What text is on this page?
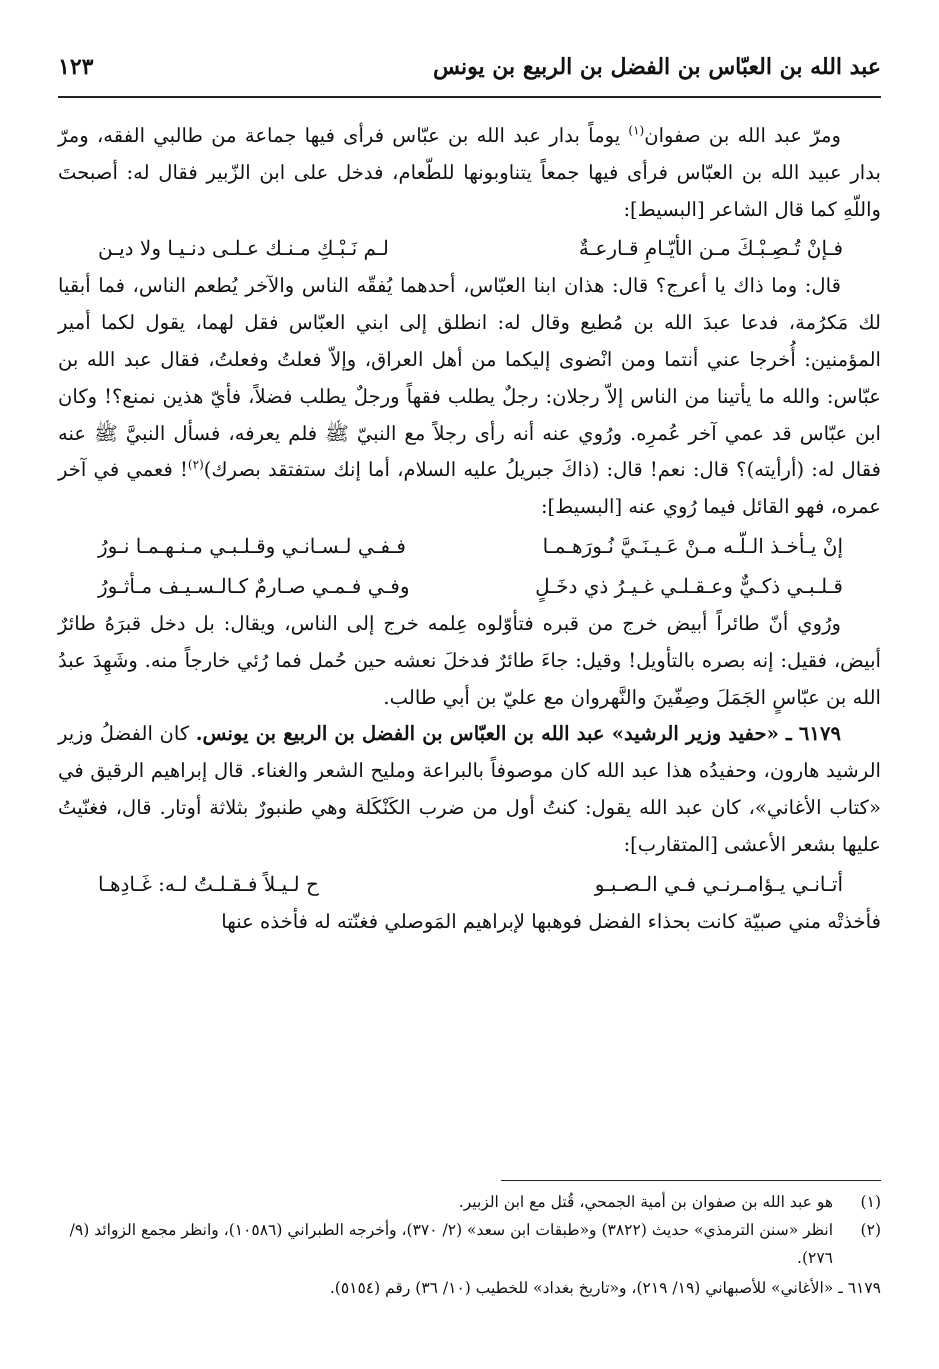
عبد الله بن العبّاس بن الفضل بن الربيع بن يونس
١٢٣

ومرّ عبد الله بن صفوان$^{(١)}$ يوماً بدار عبد الله بن عبّاس فرأى فيها جماعة من طالبي الفقه، ومرّ بدار عبيد الله بن العبّاس فرأى فيها جمعاً يتناوبونها للطّعام، فدخل على ابن الزّبير فقال له: أصبحتَ واللّهِ كما قال الشاعر [البسيط]:

فـإنْ تُـصِـبْـكَ مـن الأيّـامِ قـارعـةٌ
لـم نَـبْـكِ مـنـك عـلـى دنـيـا ولا ديـن

قال: وما ذاك يا أعرج؟ قال: هذان ابنا العبّاس، أحدهما يُفقّه الناس والآخر يُطعم الناس، فما أبقيا لك مَكرُمة، فدعا عبدَ الله بن مُطيع وقال له: انطلق إلى ابني العبّاس فقل لهما، يقول لكما أمير المؤمنين: أُخرجا عني أنتما ومن انْضوى إليكما من أهل العراق، وإلاّ فعلتُ وفعلتُ، فقال عبد الله بن عبّاس: والله ما يأتينا من الناس إلاّ رجلان: رجلٌ يطلب فقهاً ورجلٌ يطلب فضلاً، فأيّ هذين نمنع؟! وكان ابن عبّاس قد عمي آخر عُمرِه. ورُوي عنه أنه رأى رجلاً مع النبيّ ﷺ فلم يعرفه، فسأل النبيَّ ﷺ عنه فقال له: (أرأيته)؟ قال: نعم! قال: (ذاكَ جبريلُ عليه السلام، أما إنك ستفتقد بصرك)$^{(٢)}$! فعمي في آخر عمره، فهو القائل فيما رُوي عنه [البسيط]:

إنْ يـأخـذ الـلّـه مـنْ عَـيـنَـيَّ نُـورَهـمـا
فـفـي لـسـانـي وقـلـبـي مـنـهـمـا نـورُ
قـلـبـي ذكـيٌّ وعـقـلـي غـيـرُ ذي دخَـلٍ
وفـي فـمـي صـارمٌ كـالـسـيـف مـأثـورُ

ورُوي أنّ طائراً أبيض خرج من قبره فتأوّلوه عِلمه خرج إلى الناس، ويقال: بل دخل قبرَهُ طائرٌ أبيض، فقيل: إنه بصره بالتأويل! وقيل: جاءَ طائرٌ فدخلَ نعشه حين حُمل فما رُئي خارجاً منه. وشَهِدَ عبدُ الله بن عبّاسٍ الجَمَلَ وصِفّينَ والنَّهروان مع عليّ بن أبي طالب.

٦١٧٩ ـ «حفيد وزير الرشيد» عبد الله بن العبّاس بن الفضل بن الربيع بن يونس. كان الفضلُ وزير الرشيد هارون، وحفيدُه هذا عبد الله كان موصوفاً بالبراعة ومليح الشعر والغناء. قال إبراهيم الرقيق في «كتاب الأغاني»، كان عبد الله يقول: كنتُ أول من ضرب الكَنْكَلة وهي طنبورٌ بثلاثة أوتار. قال، فغنّيتُ عليها بشعر الأعشى [المتقارب]:

أتـانـي يـؤامـرنـي فـي الـصـبـو
ح لـيـلاً فـقـلـتُ لـه: غَـادِهـا

فأخذتْه مني صبيّة كانت بحذاء الفضل فوهبها لإبراهيم المَوصلي فغنّته له فأخذه عنها

(١)
هو عبد الله بن صفوان بن أمية الجمحي، قُتل مع ابن الزبير.
(٢)
انظر «سنن الترمذي» حديث (٣٨٢٢) و«طبقات ابن سعد» (٢/ ٣٧٠)، وأخرجه الطبراني (١٠٥٨٦)، وانظر مجمع الزوائد (٩/ ٢٧٦).
٦١٧٩ ـ «الأغاني» للأصبهاني (١٩/ ٢١٩)، و«تاريخ بغداد» للخطيب (١٠/ ٣٦) رقم (٥١٥٤).
